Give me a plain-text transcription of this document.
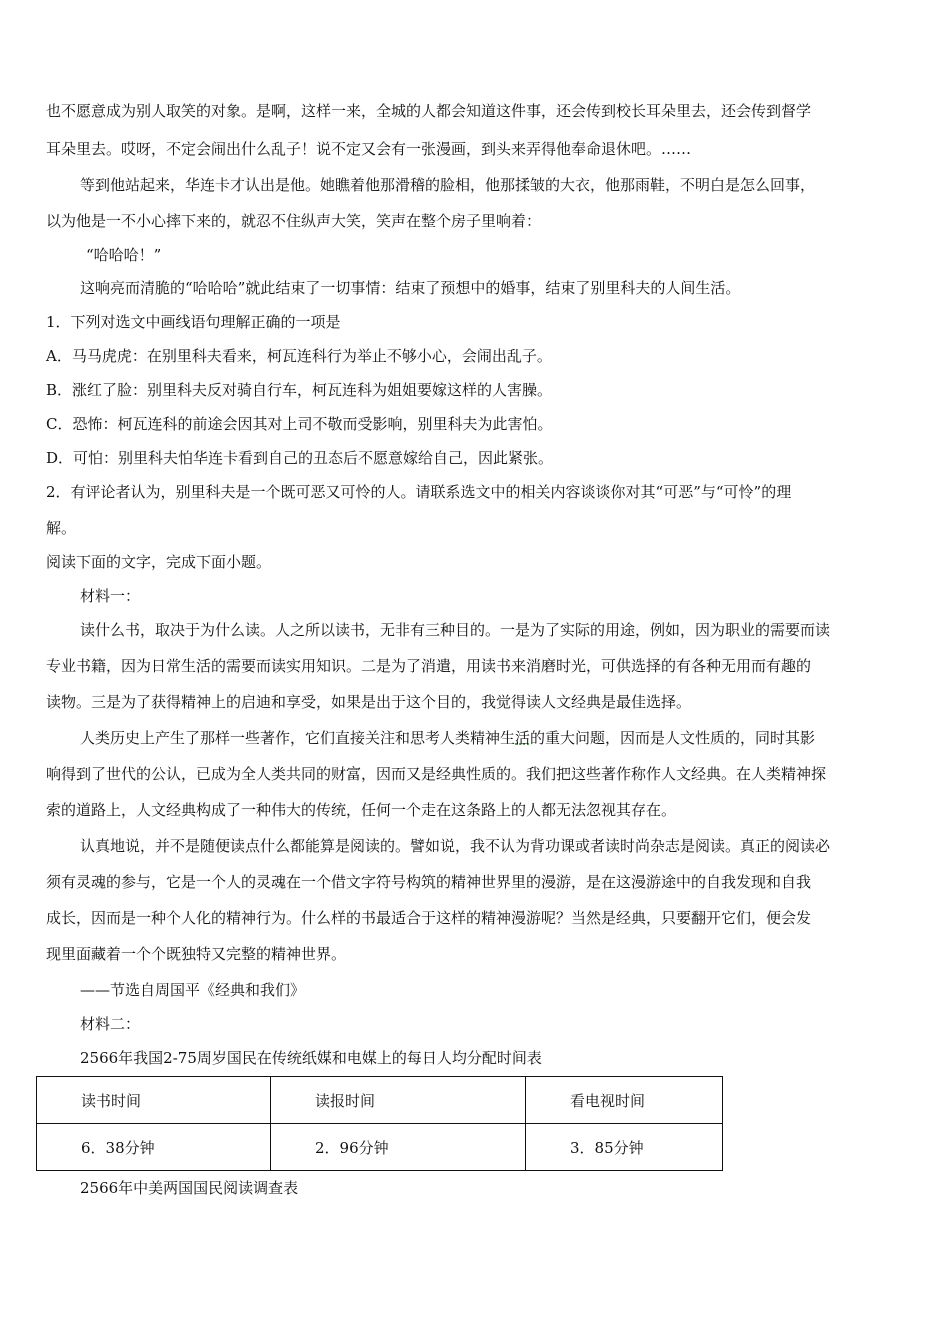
也不愿意成为别人取笑的对象。是啊，这样一来，全城的人都会知道这件事，还会传到校长耳朵里去，还会传到督学
耳朵里去。哎呀，不定会闹出什么乱子！说不定又会有一张漫画，到头来弄得他奉命退休吧。……
等到他站起来，华连卡才认出是他。她瞧着他那滑稽的脸相，他那揉皱的大衣，他那雨鞋，不明白是怎么回事，
以为他是一不小心摔下来的，就忍不住纵声大笑，笑声在整个房子里响着：
“哈哈哈！”
这响亮而清脆的“哈哈哈”就此结束了一切事情：结束了预想中的婚事，结束了别里科夫的人间生活。
1．下列对选文中画线语句理解正确的一项是
A．马马虎虎：在别里科夫看来，柯瓦连科行为举止不够小心，会闹出乱子。
B．涨红了脸：别里科夫反对骑自行车，柯瓦连科为姐姐要嫁这样的人害臊。
C．恐怖：柯瓦连科的前途会因其对上司不敬而受影响，别里科夫为此害怕。
D．可怕：别里科夫怕华连卡看到自己的丑态后不愿意嫁给自己，因此紧张。
2．有评论者认为，别里科夫是一个既可恶又可怜的人。请联系选文中的相关内容谈谈你对其“可恶”与“可怜”的理
解。
阅读下面的文字，完成下面小题。
材料一：
读什么书，取决于为什么读。人之所以读书，无非有三种目的。一是为了实际的用途，例如，因为职业的需要而读
专业书籍，因为日常生活的需要而读实用知识。二是为了消遣，用读书来消磨时光，可供选择的有各种无用而有趣的
读物。三是为了获得精神上的启迪和享受，如果是出于这个目的，我觉得读人文经典是最佳选择。
人类历史上产生了那样一些著作，它们直接关注和思考人类精神生活的重大问题，因而是人文性质的，同时其影
响得到了世代的公认，已成为全人类共同的财富，因而又是经典性质的。我们把这些著作称作人文经典。在人类精神探
索的道路上，人文经典构成了一种伟大的传统，任何一个走在这条路上的人都无法忽视其存在。
认真地说，并不是随便读点什么都能算是阅读的。譬如说，我不认为背功课或者读时尚杂志是阅读。真正的阅读必
须有灵魂的参与，它是一个人的灵魂在一个借文字符号构筑的精神世界里的漫游，是在这漫游途中的自我发现和自我
成长，因而是一种个人化的精神行为。什么样的书最适合于这样的精神漫游呢？当然是经典，只要翻开它们，便会发
现里面藏着一个个既独特又完整的精神世界。
——节选自周国平《经典和我们》
材料二：
2566年我国2-75周岁国民在传统纸媒和电媒上的每日人均分配时间表
读书时间	读报时间	看电视时间
6．38分钟	2．96分钟	3．85分钟
2566年中美两国国民阅读调查表
